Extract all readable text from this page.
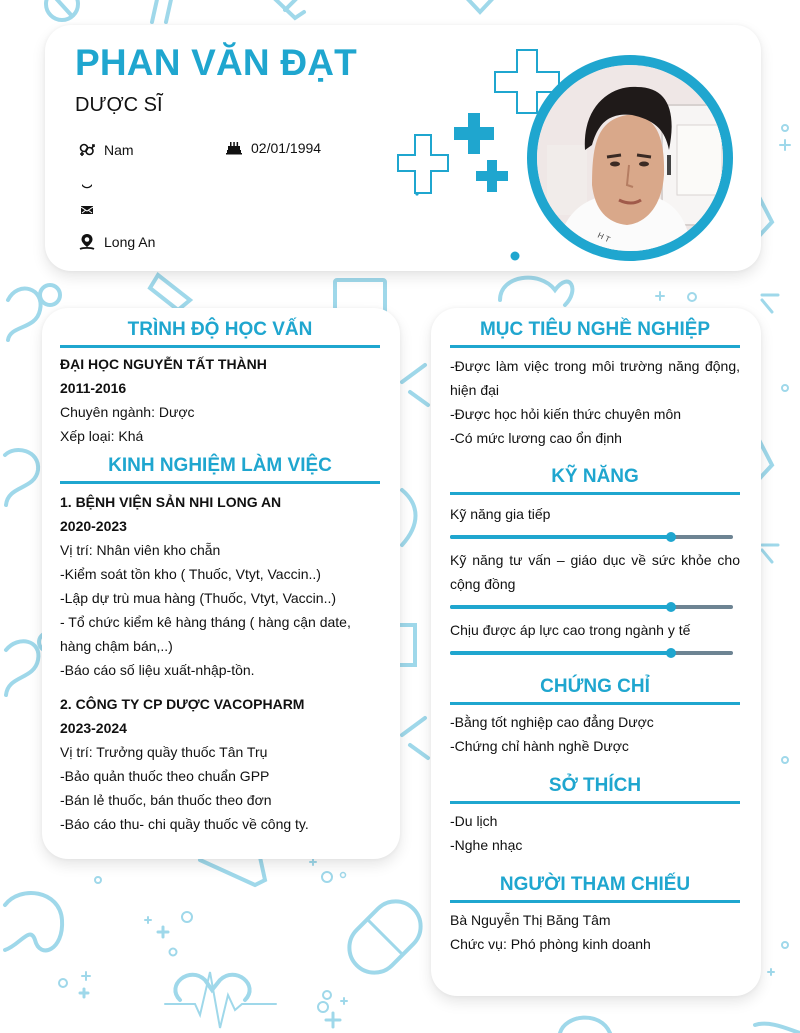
PHAN VĂN ĐẠT
DƯỢC SĨ
Nam	02/01/1994
Long An	H T
TRÌNH ĐỘ HỌC VẤN
ĐẠI HỌC NGUYỄN TẤT THÀNH
2011-2016
Chuyên ngành: Dược
Xếp loại: Khá
KINH NGHIỆM LÀM VIỆC
1. BỆNH VIỆN SẢN NHI LONG AN
2020-2023
Vị trí: Nhân viên kho chẵn
-Kiểm soát tồn kho ( Thuốc, Vtyt, Vaccin..)
-Lập dự trù mua hàng (Thuốc, Vtyt, Vaccin..)
- Tổ chức kiểm kê hàng tháng ( hàng cận date, hàng chậm bán,..)
-Báo cáo số liệu xuất-nhập-tồn.
2. CÔNG TY CP DƯỢC VACOPHARM
2023-2024
Vị trí: Trưởng quầy thuốc Tân Trụ
-Bảo quản thuốc theo chuẩn GPP
-Bán lẻ thuốc, bán thuốc theo đơn
-Báo cáo thu- chi quầy thuốc về công ty.
MỤC TIÊU NGHỀ NGHIỆP
-Được làm việc trong môi trường năng động, hiện đại
-Được học hỏi kiến thức chuyên môn
-Có mức lương cao ổn định
KỸ NĂNG
Kỹ năng gia tiếp
Kỹ năng tư vấn – giáo dục về sức khỏe cho cộng đồng
Chịu được áp lực cao trong ngành y tế
CHỨNG CHỈ
-Bằng tốt nghiệp cao đẳng Dược
-Chứng chỉ hành nghề Dược
SỞ THÍCH
-Du lịch
-Nghe nhạc
NGƯỜI THAM CHIẾU
Bà Nguyễn Thị Băng Tâm
Chức vụ: Phó phòng kinh doanh
